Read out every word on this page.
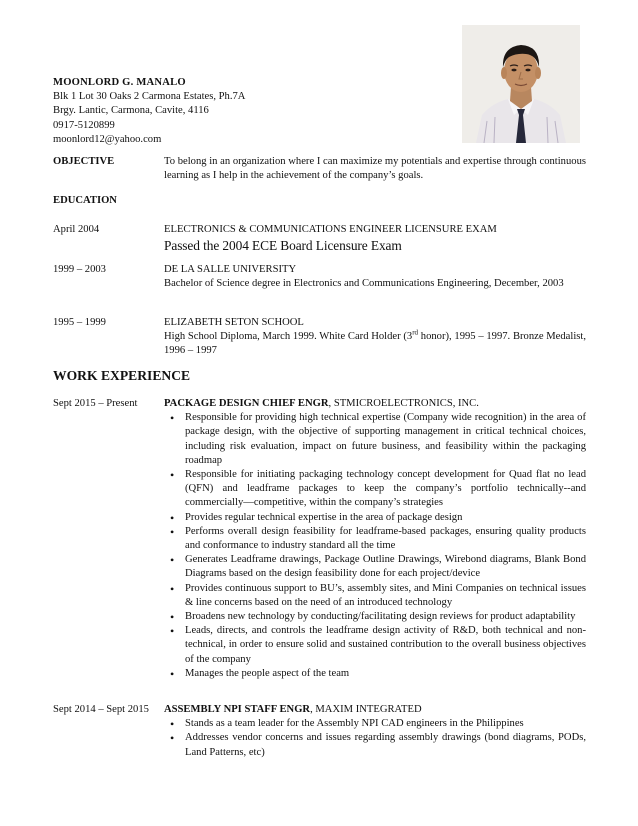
MOONLORD G. MANALO
Blk 1 Lot 30 Oaks 2 Carmona Estates, Ph.7A
Brgy. Lantic, Carmona, Cavite, 4116
0917-5120899
moonlord12@yahoo.com
OBJECTIVE	To belong in an organization where I can maximize my potentials and expertise through continuous learning as I help in the achievement of the company’s goals.
EDUCATION
April 2004	ELECTRONICS & COMMUNICATIONS ENGINEER LICENSURE EXAM
Passed the 2004 ECE Board Licensure Exam
1999 – 2003	DE LA SALLE UNIVERSITY
Bachelor of Science degree in Electronics and Communications Engineering, December, 2003
1995 – 1999	ELIZABETH SETON SCHOOL
High School Diploma, March 1999. White Card Holder (3rd honor), 1995 – 1997. Bronze Medalist, 1996 – 1997
WORK EXPERIENCE
Sept 2015 – Present	PACKAGE DESIGN CHIEF ENGR, STMICROELECTRONICS, INC.
• Responsible for providing high technical expertise (Company wide recognition) in the area of package design, with the objective of supporting management in critical technical choices, including risk evaluation, impact on future business, and feasibility within the packaging roadmap
• Responsible for initiating packaging technology concept development for Quad flat no lead (QFN) and leadframe packages to keep the company’s portfolio technically--and commercially—competitive, within the company’s strategies
• Provides regular technical expertise in the area of package design
• Performs overall design feasibility for leadframe-based packages, ensuring quality products and conformance to industry standard all the time
• Generates Leadframe drawings, Package Outline Drawings, Wirebond diagrams, Blank Bond Diagrams based on the design feasibility done for each project/device
• Provides continuous support to BU’s, assembly sites, and Mini Companies on technical issues & line concerns based on the need of an introduced technology
• Broadens new technology by conducting/facilitating design reviews for product adaptability
• Leads, directs, and controls the leadframe design activity of R&D, both technical and non-technical, in order to ensure solid and sustained contribution to the overall business objectives of the company
• Manages the people aspect of the team
Sept 2014 – Sept 2015	ASSEMBLY NPI STAFF ENGR, MAXIM INTEGRATED
• Stands as a team leader for the Assembly NPI CAD engineers in the Philippines
• Addresses vendor concerns and issues regarding assembly drawings (bond diagrams, PODs, Land Patterns, etc)
